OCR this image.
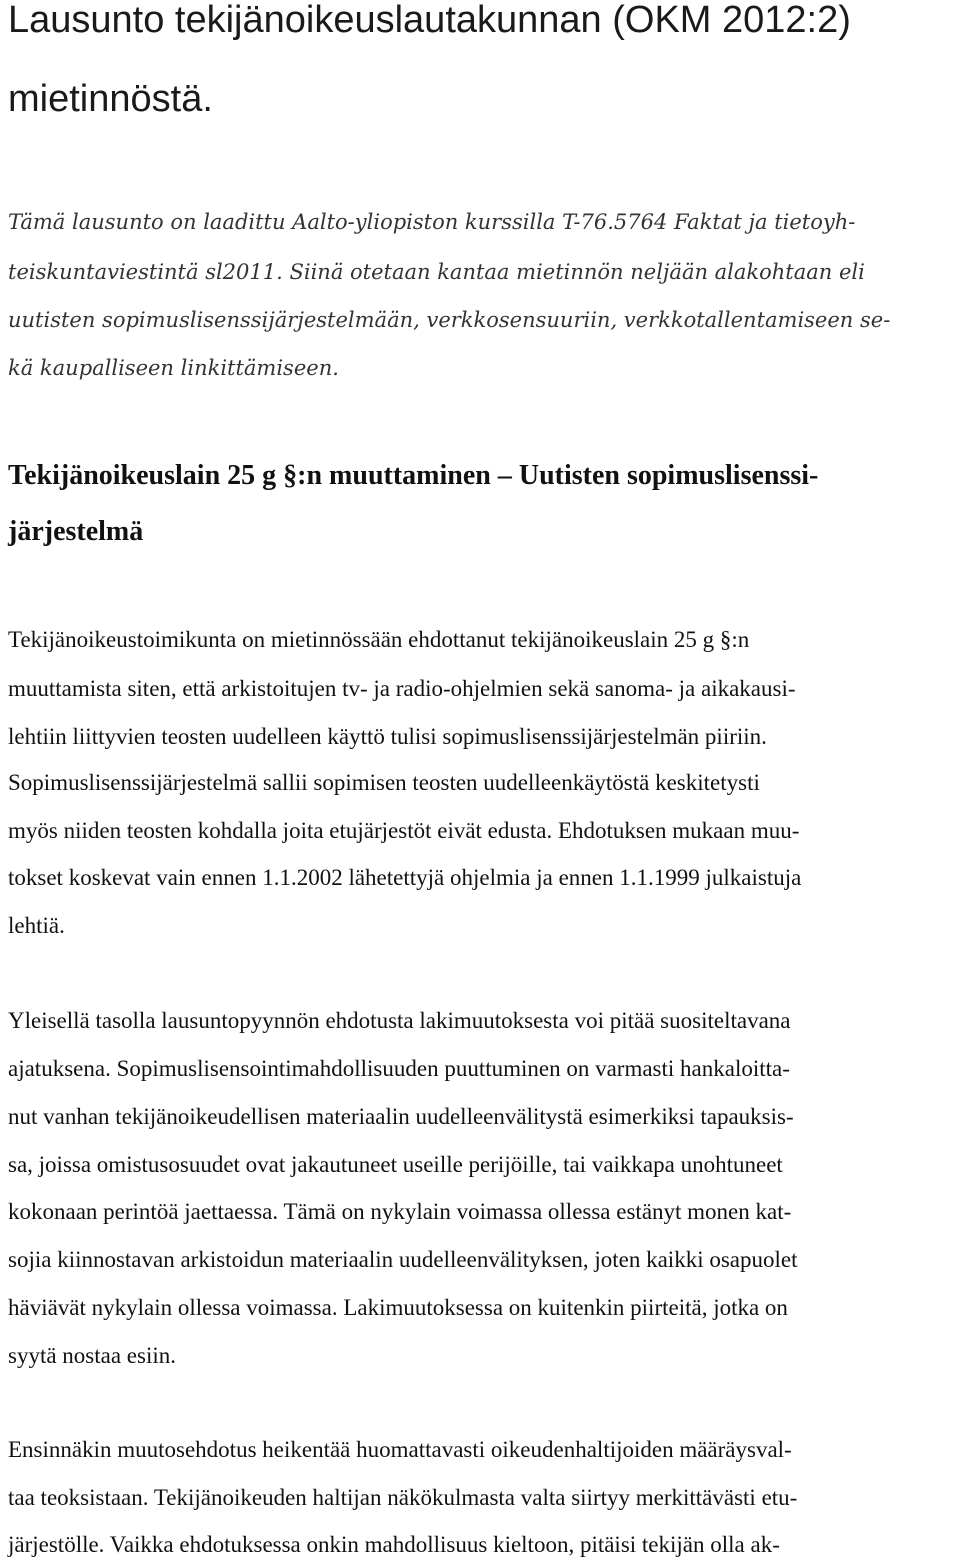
Lausunto tekijänoikeuslautakunnan (OKM 2012:2)
mietinnöstä.
Tämä lausunto on laadittu Aalto-yliopiston kurssilla T-76.5764 Faktat ja tietoyh-
teiskuntaviestintä sl2011. Siinä otetaan kantaa mietinnön neljään alakohtaan eli
uutisten sopimuslisenssijärjestelmään, verkkosensuuriin, verkkotallentamiseen se-
kä kaupalliseen linkittämiseen.
Tekijänoikeuslain 25 g §:n muuttaminen – Uutisten sopimuslisenssi-
järjestelmä
Tekijänoikeustoimikunta on mietinnössään ehdottanut tekijänoikeuslain 25 g §:n
muuttamista siten, että arkistoitujen tv- ja radio-ohjelmien sekä sanoma- ja aikakausi-
lehtiin liittyvien teosten uudelleen käyttö tulisi sopimuslisenssijärjestelmän piiriin.
Sopimuslisenssijärjestelmä sallii sopimisen teosten uudelleenkäytöstä keskitetysti
myös niiden teosten kohdalla joita etujärjestöt eivät edusta. Ehdotuksen mukaan muu-
tokset koskevat vain ennen 1.1.2002 lähetettyjä ohjelmia ja ennen 1.1.1999 julkaistuja
lehtiä.
Yleisellä tasolla lausuntopyynnön ehdotusta lakimuutoksesta voi pitää suositeltavana
ajatuksena. Sopimuslisensointimahdollisuuden puuttuminen on varmasti hankaloitta-
nut vanhan tekijänoikeudellisen materiaalin uudelleenvälitystä esimerkiksi tapauksis-
sa, joissa omistusosuudet ovat jakautuneet useille perijöille, tai vaikkapa unohtuneet
kokonaan perintöä jaettaessa. Tämä on nykylain voimassa ollessa estänyt monen kat-
sojia kiinnostavan arkistoidun materiaalin uudelleenvälityksen, joten kaikki osapuolet
häviävät nykylain ollessa voimassa. Lakimuutoksessa on kuitenkin piirteitä, jotka on
syytä nostaa esiin.
Ensinnäkin muutosehdotus heikentää huomattavasti oikeudenhaltijoiden määräysval-
taa teoksistaan. Tekijänoikeuden haltijan näkökulmasta valta siirtyy merkittävästi etu-
järjestölle. Vaikka ehdotuksessa onkin mahdollisuus kieltoon, pitäisi tekijän olla ak-
